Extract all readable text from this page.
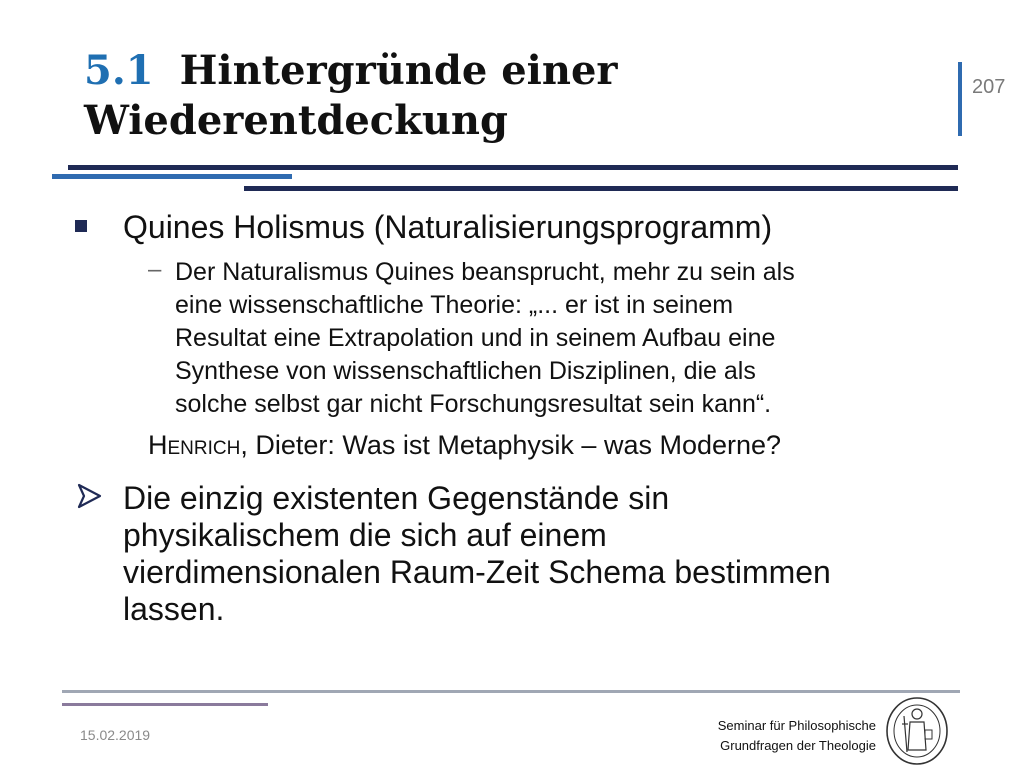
5.1 Hintergründe einer
Wiederentdeckung
207
Quines Holismus (Naturalisierungsprogramm)
– Der Naturalismus Quines beansprucht, mehr zu sein als
eine wissenschaftliche Theorie: „... er ist in seinem
Resultat eine Extrapolation und in seinem Aufbau eine
Synthese von wissenschaftlichen Disziplinen, die als
solche selbst gar nicht Forschungsresultat sein kann“.

Henrich, Dieter: Was ist Metaphysik – was Moderne?

Die einzig existenten Gegenstände sin
physikalischem die sich auf einem
vierdimensionalen Raum-Zeit Schema bestimmen
lassen.

15.02.2019
Seminar für Philosophische
Grundfragen der Theologie
